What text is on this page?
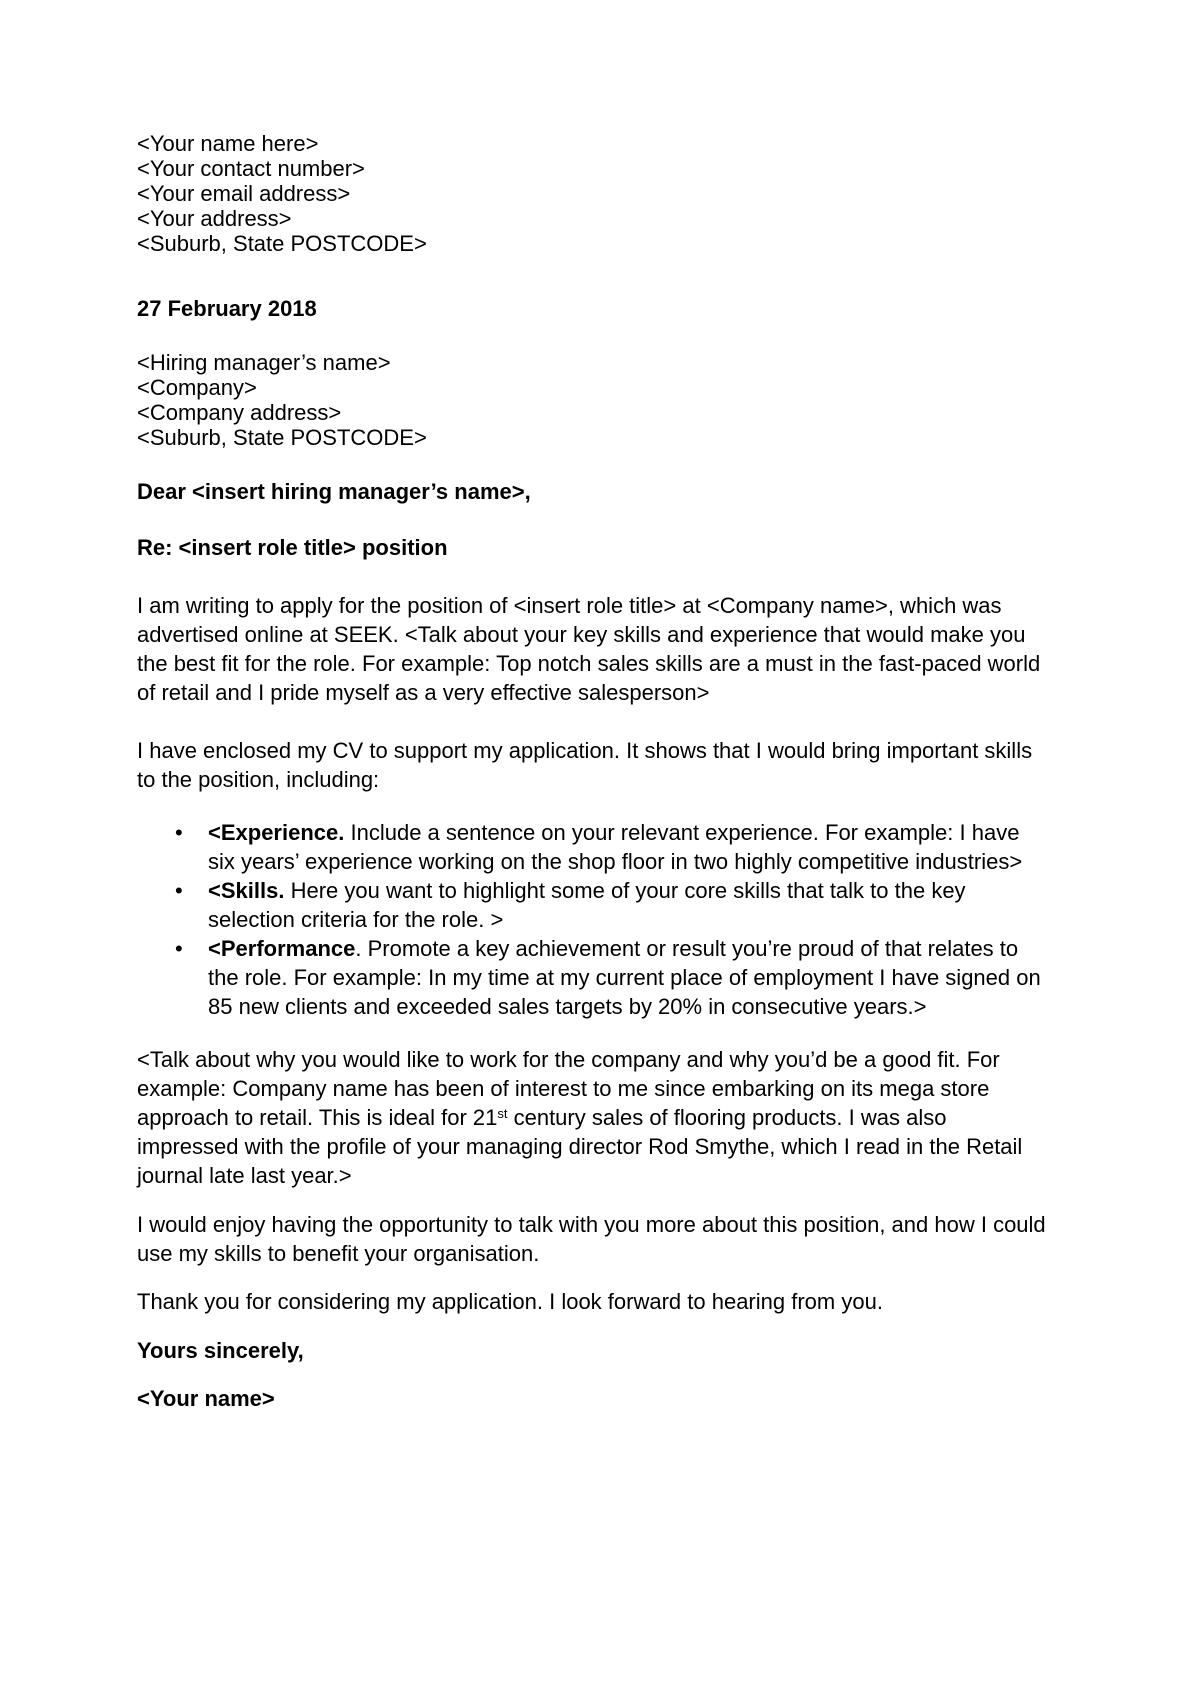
<Your name here>
<Your contact number>
<Your email address>
<Your address>
<Suburb, State POSTCODE>
27 February 2018
<Hiring manager’s name>
<Company>
<Company address>
<Suburb, State POSTCODE>
Dear <insert hiring manager’s name>,
Re: <insert role title> position

I am writing to apply for the position of <insert role title> at <Company name>, which was advertised online at SEEK. <Talk about your key skills and experience that would make you the best fit for the role. For example: Top notch sales skills are a must in the fast-paced world of retail and I pride myself as a very effective salesperson>

I have enclosed my CV to support my application. It shows that I would bring important skills to the position, including:

• <Experience. Include a sentence on your relevant experience. For example: I have six years’ experience working on the shop floor in two highly competitive industries>
• <Skills. Here you want to highlight some of your core skills that talk to the key selection criteria for the role. >
• <Performance. Promote a key achievement or result you’re proud of that relates to the role. For example: In my time at my current place of employment I have signed on 85 new clients and exceeded sales targets by 20% in consecutive years.>

<Talk about why you would like to work for the company and why you’d be a good fit. For example: Company name has been of interest to me since embarking on its mega store approach to retail. This is ideal for 21st century sales of flooring products. I was also impressed with the profile of your managing director Rod Smythe, which I read in the Retail journal late last year.>

I would enjoy having the opportunity to talk with you more about this position, and how I could use my skills to benefit your organisation.

Thank you for considering my application. I look forward to hearing from you.

Yours sincerely,
<Your name>
